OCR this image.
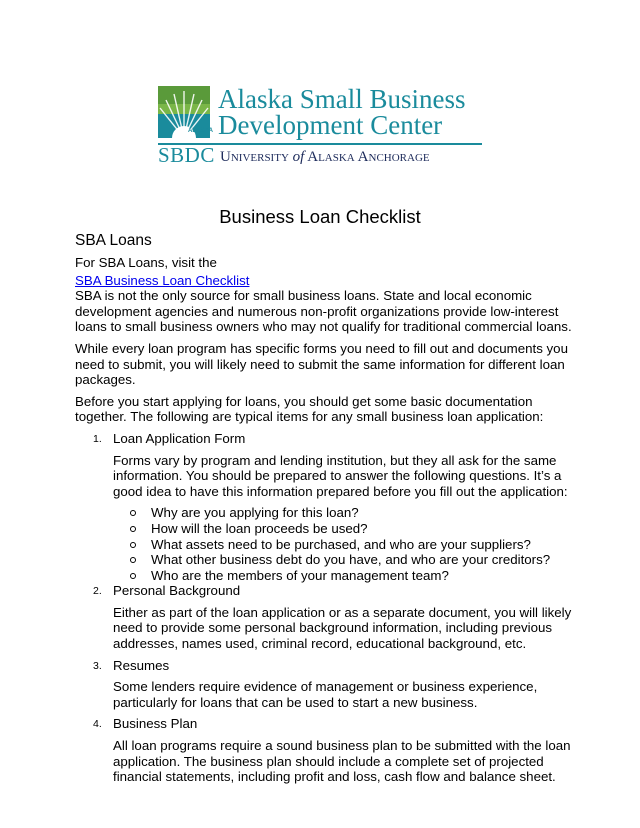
ALASKA
Alaska Small Business
Development Center
SBDC University of Alaska Anchorage
Business Loan Checklist
SBA Loans

For SBA Loans, visit the

SBA Business Loan Checklist

SBA is not the only source for small business loans. State and local economic development agencies and numerous non-profit organizations provide low-interest loans to small business owners who may not qualify for traditional commercial loans.

While every loan program has specific forms you need to fill out and documents you need to submit, you will likely need to submit the same information for different loan packages.

Before you start applying for loans, you should get some basic documentation together. The following are typical items for any small business loan application:

1. Loan Application Form

Forms vary by program and lending institution, but they all ask for the same information. You should be prepared to answer the following questions. It’s a good idea to have this information prepared before you fill out the application:

Why are you applying for this loan?
How will the loan proceeds be used?
What assets need to be purchased, and who are your suppliers?
What other business debt do you have, and who are your creditors?
Who are the members of your management team?
2. Personal Background

Either as part of the loan application or as a separate document, you will likely need to provide some personal background information, including previous addresses, names used, criminal record, educational background, etc.

3. Resumes

Some lenders require evidence of management or business experience, particularly for loans that can be used to start a new business.

4. Business Plan

All loan programs require a sound business plan to be submitted with the loan application. The business plan should include a complete set of projected financial statements, including profit and loss, cash flow and balance sheet.
